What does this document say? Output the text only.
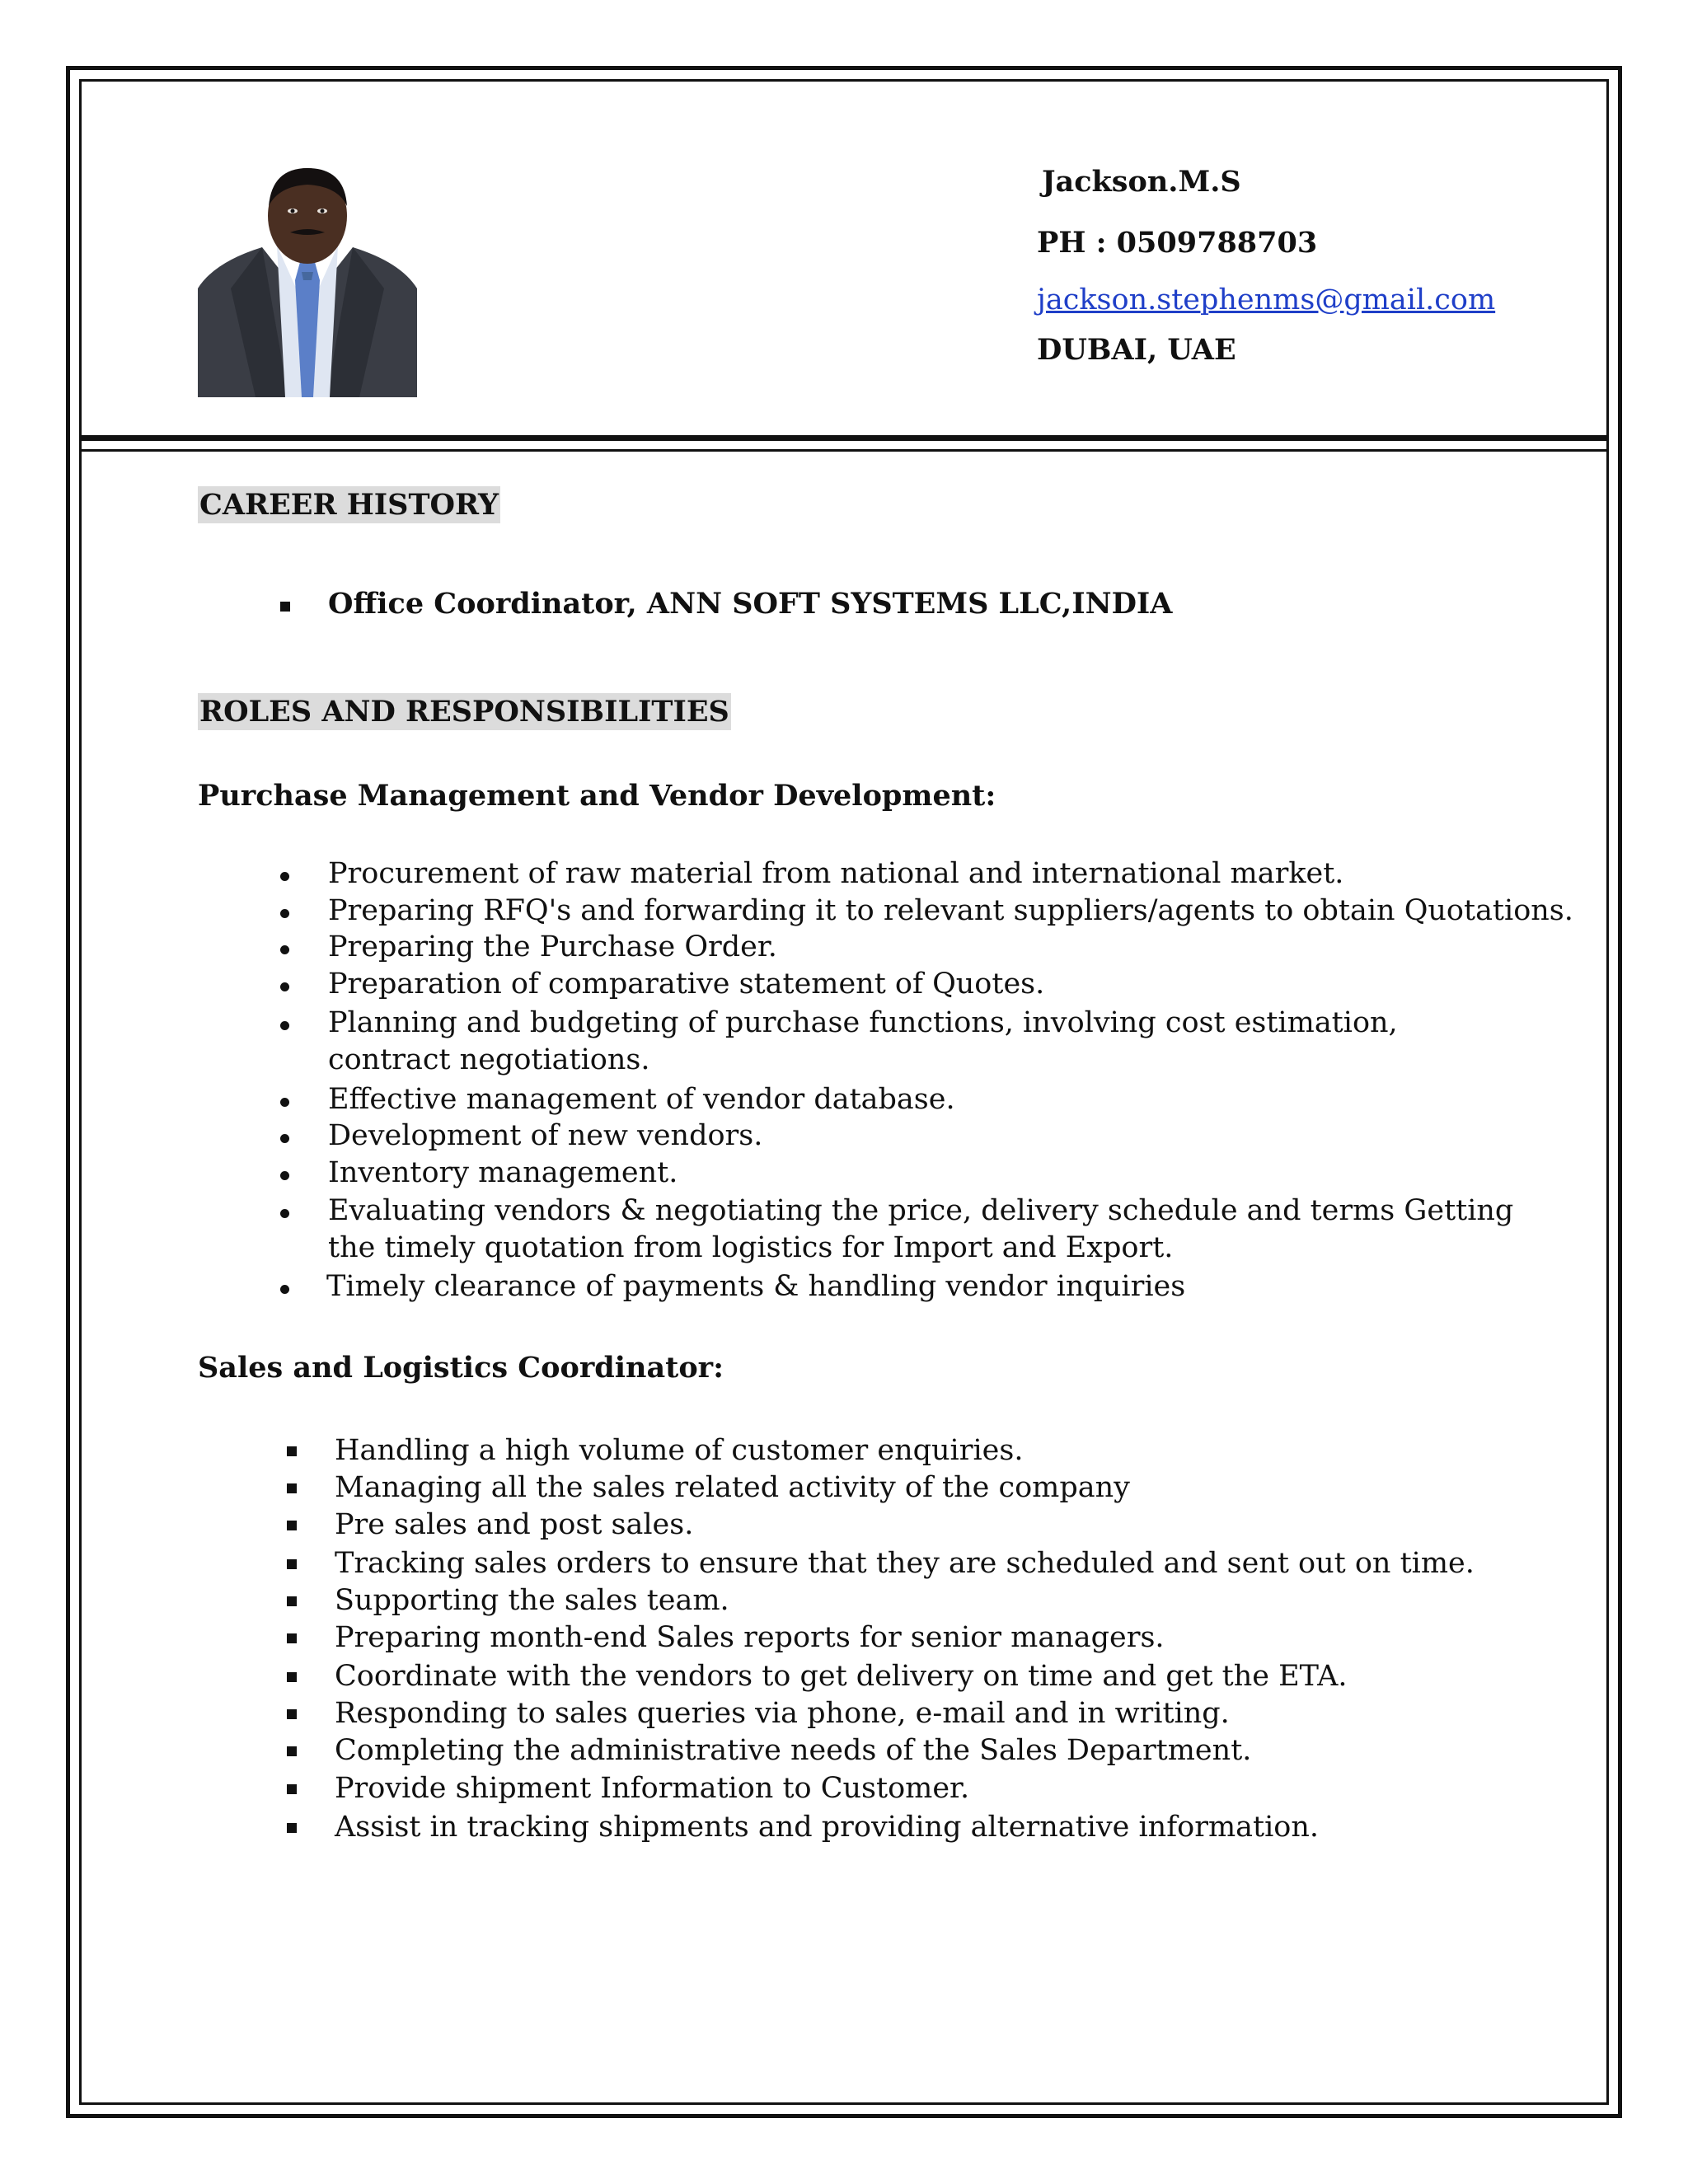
Jackson.M.S
PH : 0509788703
jackson.stephenms@gmail.com
DUBAI, UAE
CAREER HISTORY
Office Coordinator, ANN SOFT SYSTEMS LLC,INDIA
ROLES AND RESPONSIBILITIES
Purchase Management and Vendor Development:
Procurement of raw material from national and international market.
Preparing RFQ's and forwarding it to relevant suppliers/agents to obtain Quotations.
Preparing the Purchase Order.
Preparation of comparative statement of Quotes.
Planning and budgeting of purchase functions, involving cost estimation,
contract negotiations.
Effective management of vendor database.
Development of new vendors.
Inventory management.
Evaluating vendors & negotiating the price, delivery schedule and terms Getting
the timely quotation from logistics for Import and Export.
Timely clearance of payments & handling vendor inquiries
Sales and Logistics Coordinator:
Handling a high volume of customer enquiries.
Managing all the sales related activity of the company
Pre sales and post sales.
Tracking sales orders to ensure that they are scheduled and sent out on time.
Supporting the sales team.
Preparing month-end Sales reports for senior managers.
Coordinate with the vendors to get delivery on time and get the ETA.
Responding to sales queries via phone, e-mail and in writing.
Completing the administrative needs of the Sales Department.
Provide shipment Information to Customer.
Assist in tracking shipments and providing alternative information.
